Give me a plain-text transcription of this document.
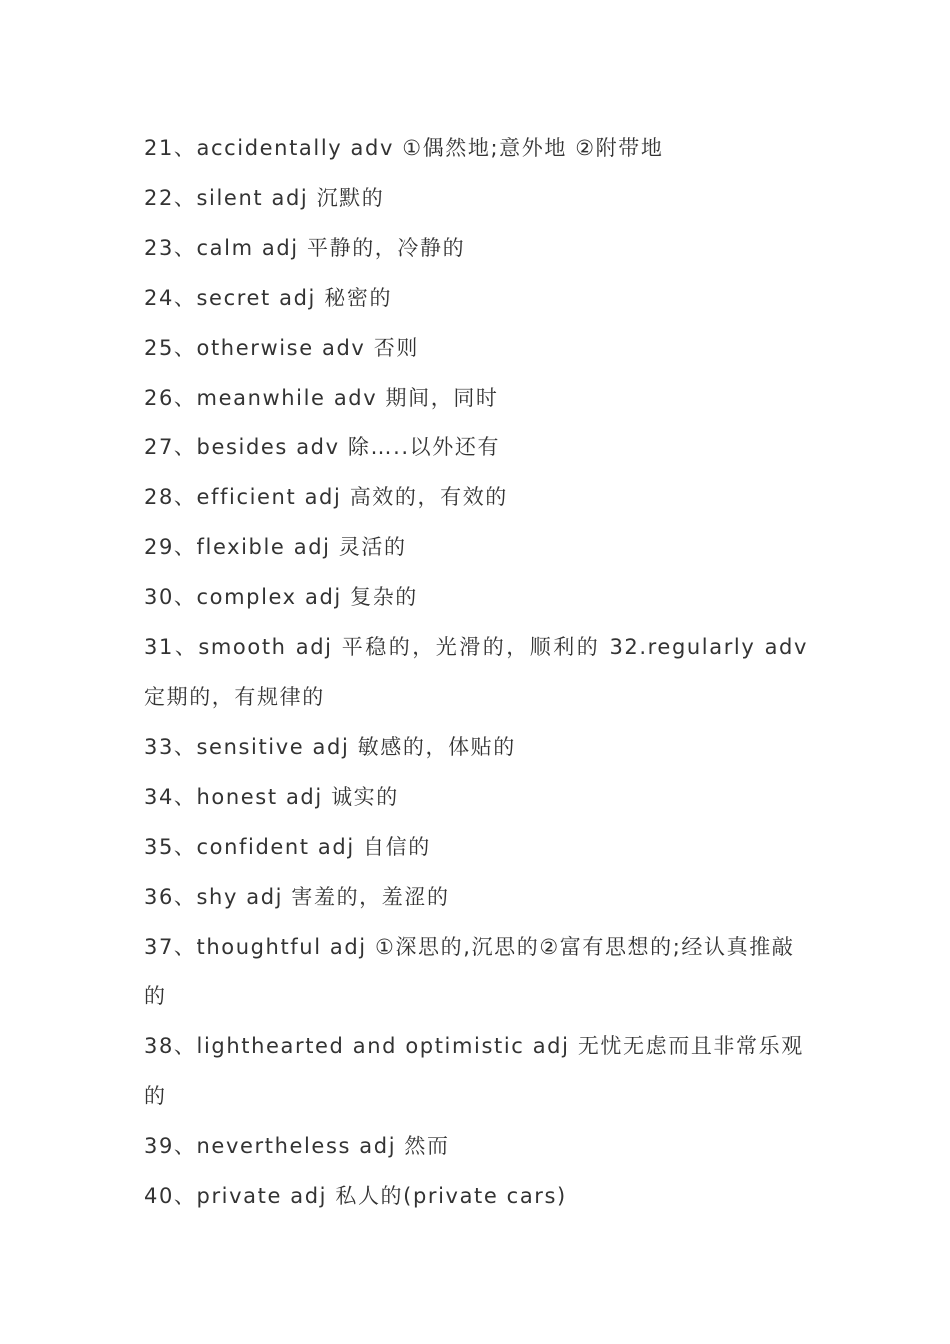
21、accidentally adv ①偶然地;意外地 ②附带地

22、silent adj 沉默的

23、calm adj 平静的，冷静的

24、secret adj 秘密的

25、otherwise adv 否则

26、meanwhile adv 期间，同时

27、besides adv 除…..以外还有

28、efficient adj 高效的，有效的

29、flexible adj 灵活的

30、complex adj 复杂的

31、smooth adj 平稳的，光滑的，顺利的 32.regularly adv 定期的，有规律的

33、sensitive adj 敏感的，体贴的

34、honest adj 诚实的

35、confident adj 自信的

36、shy adj 害羞的，羞涩的

37、thoughtful adj ①深思的,沉思的②富有思想的;经认真推敲的

38、lighthearted and optimistic adj 无忧无虑而且非常乐观的

39、nevertheless adj 然而

40、private adj 私人的(private cars)
